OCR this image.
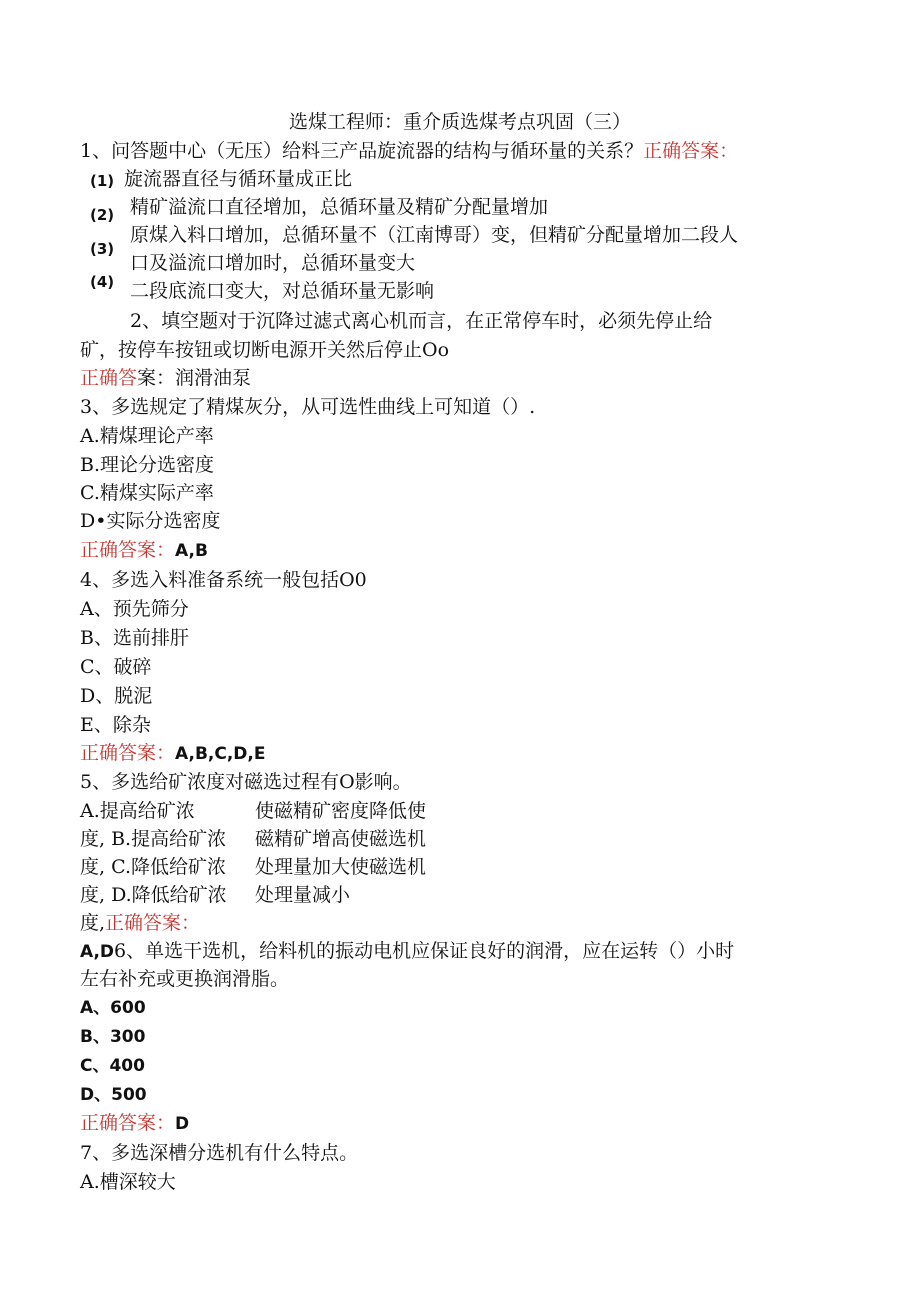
选煤工程师：重介质选煤考点巩固（三）
1、问答题中心（无压）给料三产品旋流器的结构与循环量的关系？正确答案：
(1) 旋流器直径与循环量成正比
(2) 精矿溢流口直径增加，总循环量及精矿分配量增加
(3)
原煤入料口增加，总循环量不（江南博哥）变，但精矿分配量增加二段人
口及溢流口增加时，总循环量变大
(4) 二段底流口变大，对总循环量无影响
2、填空题对于沉降过滤式离心机而言，在正常停车时，必须先停止给
矿，按停车按钮或切断电源开关然后停止Oo
正确答案：润滑油泵
3、多选规定了精煤灰分，从可选性曲线上可知道（）.
A.精煤理论产率
B.理论分选密度
C.精煤实际产率
D•实际分选密度
正确答案：A,B
4、多选入料准备系统一般包括O0
A、预先筛分
B、选前排肝
C、破碎
D、脱泥
E、除杂
正确答案：A,B,C,D,E
5、多选给矿浓度对磁选过程有O影响。
A.提高给矿浓
度, B.提高给矿浓
度, C.降低给矿浓
度, D.降低给矿浓
度,正确答案：
使磁精矿密度降低使
磁精矿增高使磁选机
处理量加大使磁选机
处理量减小
A,D6、单选干选机，给料机的振动电机应保证良好的润滑，应在运转（）小时
左右补充或更换润滑脂。
A、600
B、300
C、400
D、500
正确答案：D
7、多选深槽分选机有什么特点。
A.槽深较大
